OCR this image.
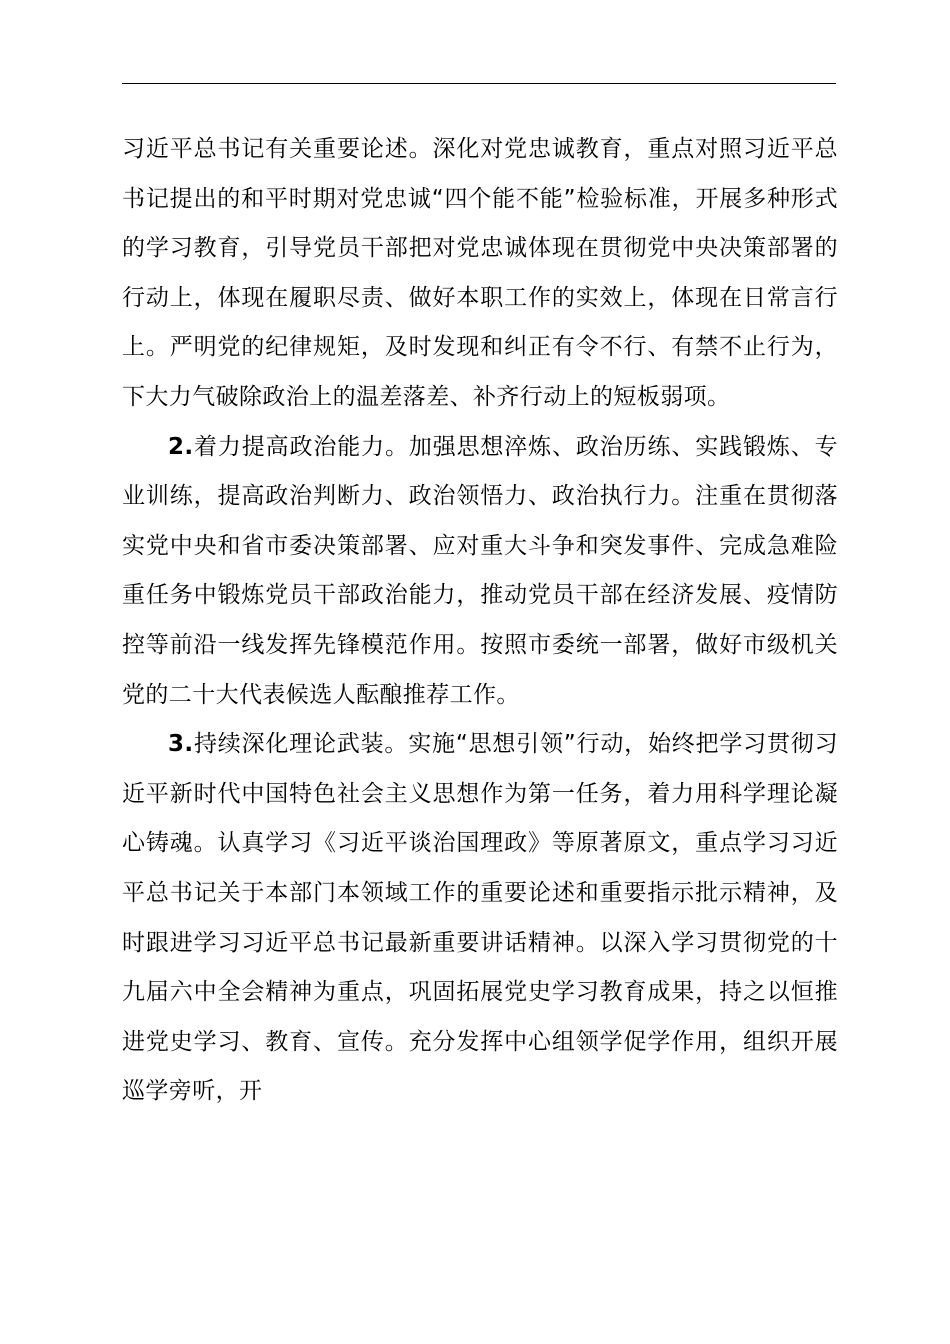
习近平总书记有关重要论述。深化对党忠诚教育，重点对照习近平总书记提出的和平时期对党忠诚“四个能不能”检验标准，开展多种形式的学习教育，引导党员干部把对党忠诚体现在贯彻党中央决策部署的行动上，体现在履职尽责、做好本职工作的实效上，体现在日常言行上。严明党的纪律规矩，及时发现和纠正有令不行、有禁不止行为，下大力气破除政治上的温差落差、补齐行动上的短板弱项。

2.着力提高政治能力。加强思想淬炼、政治历练、实践锻炼、专业训练，提高政治判断力、政治领悟力、政治执行力。注重在贯彻落实党中央和省市委决策部署、应对重大斗争和突发事件、完成急难险重任务中锻炼党员干部政治能力，推动党员干部在经济发展、疫情防控等前沿一线发挥先锋模范作用。按照市委统一部署，做好市级机关党的二十大代表候选人酝酿推荐工作。

3.持续深化理论武装。实施“思想引领”行动，始终把学习贯彻习近平新时代中国特色社会主义思想作为第一任务，着力用科学理论凝心铸魂。认真学习《习近平谈治国理政》等原著原文，重点学习习近平总书记关于本部门本领域工作的重要论述和重要指示批示精神，及时跟进学习习近平总书记最新重要讲话精神。以深入学习贯彻党的十九届六中全会精神为重点，巩固拓展党史学习教育成果，持之以恒推进党史学习、教育、宣传。充分发挥中心组领学促学作用，组织开展巡学旁听，开
